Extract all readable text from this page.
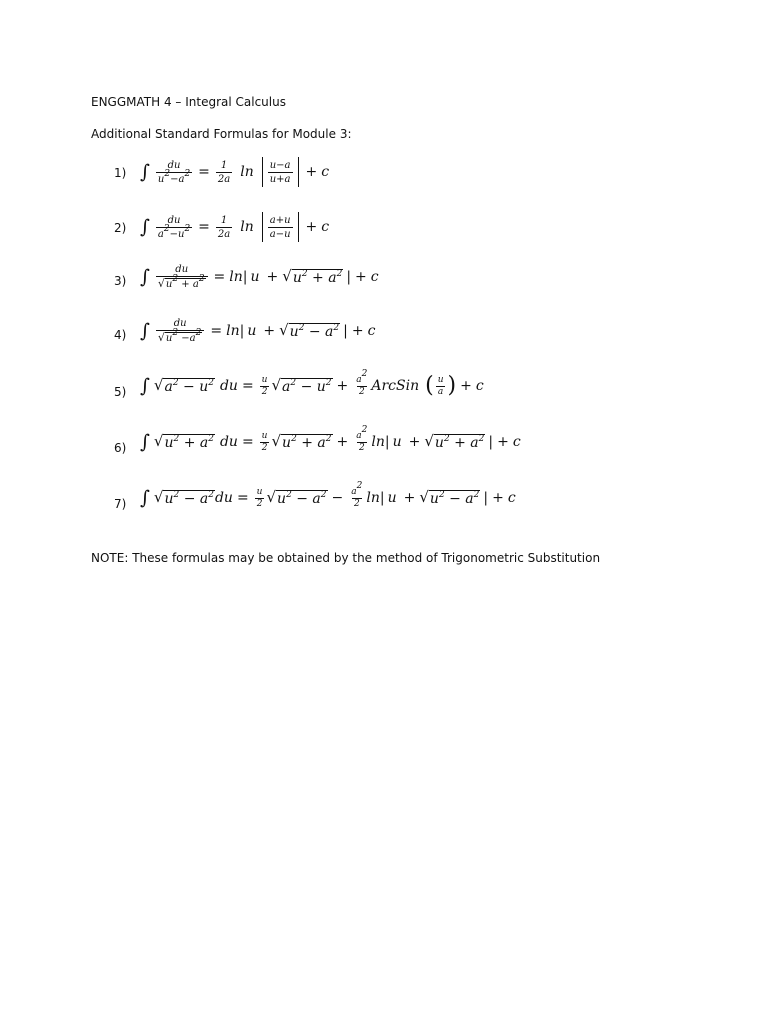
ENGGMATH 4 – Integral Calculus
Additional Standard Formulas for Module 3:
1) ∫ $\frac{du}{u^2-a^2} = \frac{1}{2a}$ $\ln \frac{u-a}{u+a} + c$
2) ∫ $\frac{du}{a^2-u^2} = \frac{1}{2a}$ $\ln \frac{a+u}{a-u} + c$
3) ∫ $\frac{du}{√ u^2 + a^2} = \ln$ | u + √ $u^2 + a^2$ | + c
4) ∫ $\frac{du}{√ u^2 -a^2} = \ln$ | u + √ $u^2 - a^2$ | + c
5) ∫ √ $a^2 - u^2$ du = $\frac{u}{2}$ √ $a^2 - u^2 + \frac{a^2}{2}$ ArcSin ( $\frac{u}{a}$ ) + c
6) ∫ √ $u^2 + a^2$ du = $\frac{u}{2}$ √ $u^2 + a^2 + \frac{a^2}{2}$ ln | u + √ $u^2 + a^2$ | + c
7) ∫ √ $u^2 - a^2$ du = $\frac{u}{2}$ √ $u^2 - a^2 - \frac{a^2}{2}$ ln | u + √ $u^2 - a^2$ | + c
NOTE: These formulas may be obtained by the method of Trigonometric Substitution
